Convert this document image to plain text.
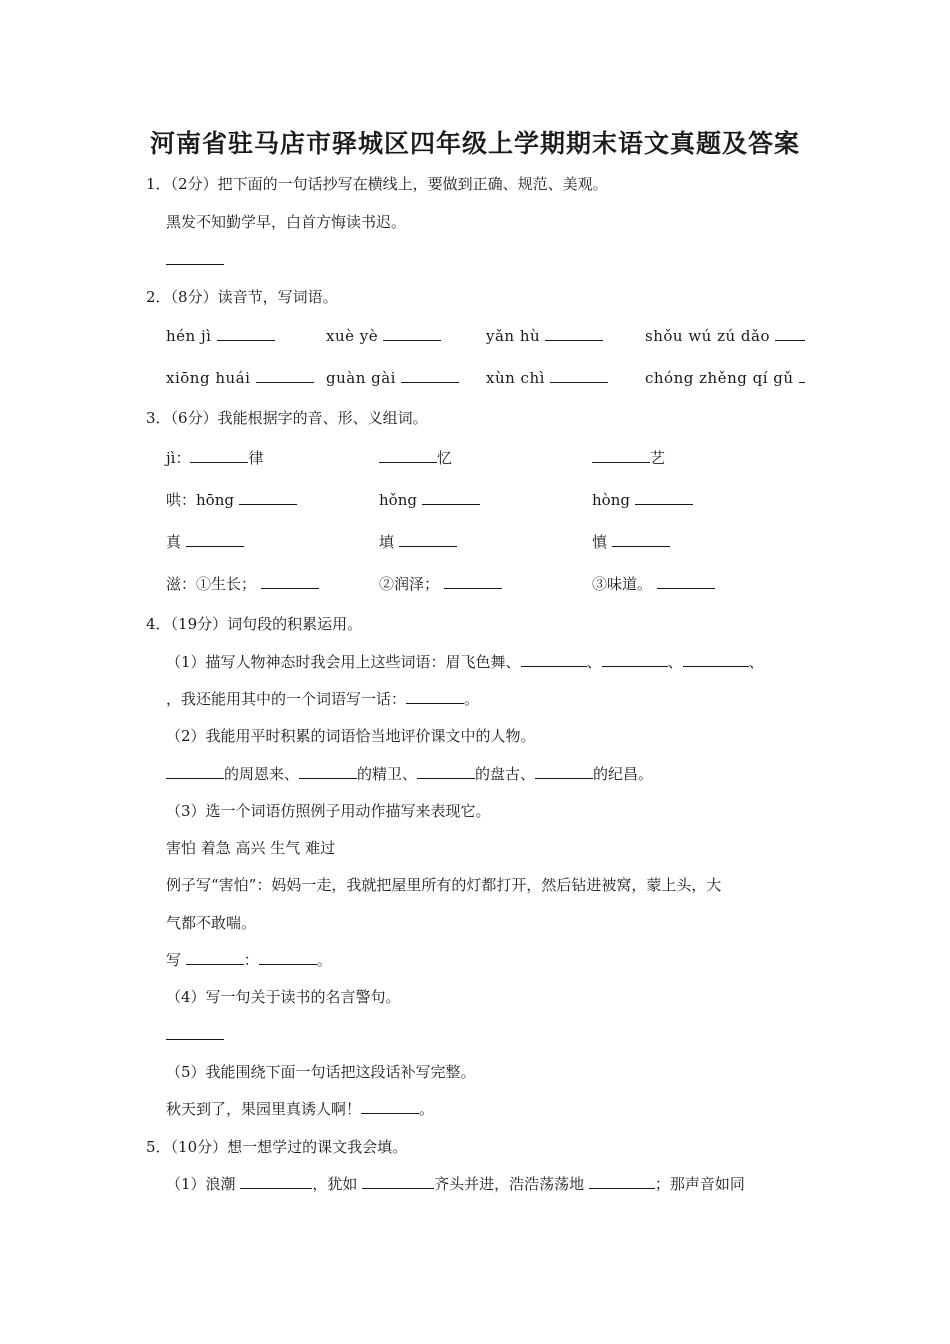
河南省驻马店市驿城区四年级上学期期末语文真题及答案
1．（2分）把下面的一句话抄写在横线上，要做到正确、规范、美观。
黑发不知勤学早，白首方悔读书迟。
2．（8分）读音节，写词语。
hén jì	xuè yè	yǎn hù	shǒu wú zú dǎo
xiōng huái	guàn gài	xùn chì	chóng zhěng qí gǔ
3．（6分）我能根据字的音、形、义组词。
jì：	律	忆	艺
哄：hōng	hǒng	hòng
真	填	慎
滋：①生长；	②润泽；	③味道。
4．（19分）词句段的积累运用。
（1）描写人物神态时我会用上这些词语：眉飞色舞、	、	、	、
，我还能用其中的一个词语写一话：	。
（2）我能用平时积累的词语恰当地评价课文中的人物。
的周恩来、	的精卫、	的盘古、	的纪昌。
（3）选一个词语仿照例子用动作描写来表现它。
害怕 着急 高兴 生气 难过
例子写“害怕”：妈妈一走，我就把屋里所有的灯都打开，然后钻进被窝，蒙上头，大
气都不敢喘。
写	：	。
（4）写一句关于读书的名言警句。
（5）我能围绕下面一句话把这段话补写完整。
秋天到了，果园里真诱人啊！	。
5．（10分）想一想学过的课文我会填。
（1）浪潮	，犹如	齐头并进，浩浩荡荡地	；那声音如同
